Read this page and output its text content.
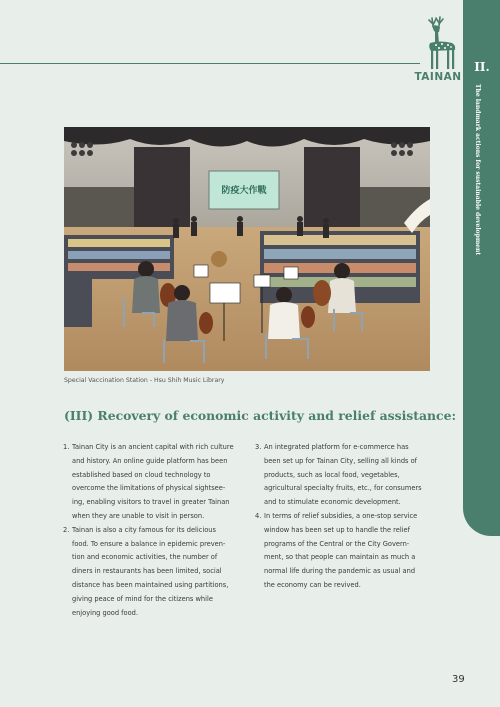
TAINAN
II.
The landmark actions for sustainable development
防疫大作戰
Special Vaccination Station - Hsu Shih Music Library
(III) Recovery of economic activity and relief assistance:
1. Tainan City is an ancient capital with rich culture
and history. An online guide platform has been
established based on cloud technology to
overcome the limitations of physical sightsee-
ing, enabling visitors to travel in greater Tainan
when they are unable to visit in person.
2. Tainan is also a city famous for its delicious
food. To ensure a balance in epidemic preven-
tion and economic activities, the number of
diners in restaurants has been limited, social
distance has been maintained using partitions,
giving peace of mind for the citizens while
enjoying good food.
3. An integrated platform for e-commerce has
been set up for Tainan City, selling all kinds of
products, such as local food, vegetables,
agricultural specialty fruits, etc., for consumers
and to stimulate economic development.
4. In terms of relief subsidies, a one-stop service
window has been set up to handle the relief
programs of the Central or the City Govern-
ment, so that people can maintain as much a
normal life during the pandemic as usual and
the economy can be revived.
39
